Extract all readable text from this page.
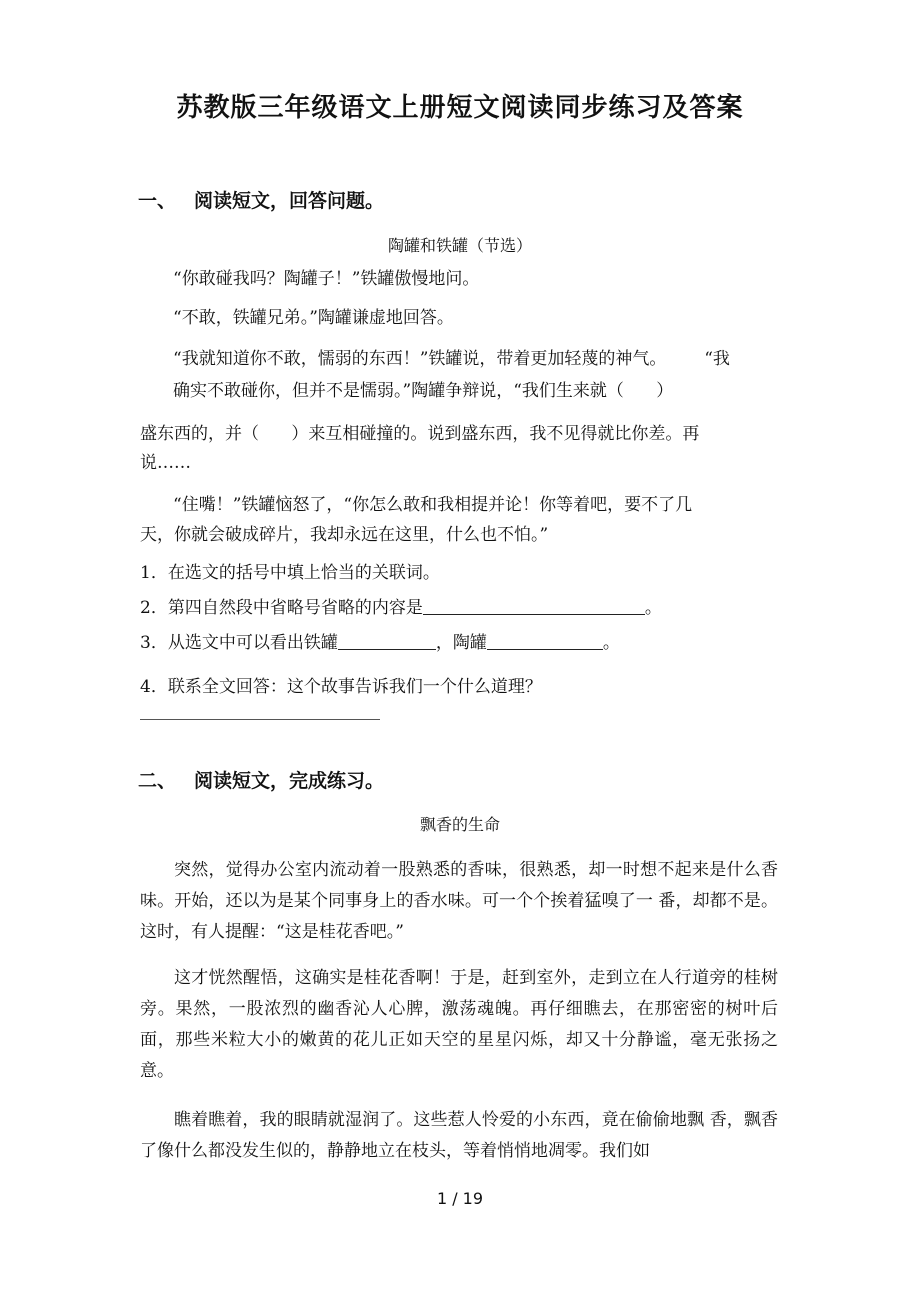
苏教版三年级语文上册短文阅读同步练习及答案
一、 阅读短文，回答问题。
陶罐和铁罐（节选）
“你敢碰我吗？陶罐子！”铁罐傲慢地问。
“不敢，铁罐兄弟。”陶罐谦虚地回答。
“我就知道你不敢，懦弱的东西！”铁罐说，带着更加轻蔑的神气。       “我
确实不敢碰你，但并不是懦弱。”陶罐争辩说，“我们生来就（      ）
盛东西的，并（      ）来互相碰撞的。说到盛东西，我不见得就比你差。再
说……
“住嘴！”铁罐恼怒了，“你怎么敢和我相提并论！你等着吧，要不了几
天，你就会破成碎片，我却永远在这里，什么也不怕。”
1．在选文的括号中填上恰当的关联词。
2．第四自然段中省略号省略的内容是	。
3．从选文中可以看出铁罐	，陶罐	。
4．联系全文回答：这个故事告诉我们一个什么道理？
二、 阅读短文，完成练习。
飘香的生命
突然，觉得办公室内流动着一股熟悉的香味，很熟悉，却一时想不起来是什么香味。开始，还以为是某个同事身上的香水味。可一个个挨着猛嗅了一 番，却都不是。这时，有人提醒：“这是桂花香吧。”
这才恍然醒悟，这确实是桂花香啊！于是，赶到室外，走到立在人行道旁的桂树旁。果然，一股浓烈的幽香沁人心脾，激荡魂魄。再仔细瞧去，在那密密的树叶后面，那些米粒大小的嫩黄的花儿正如天空的星星闪烁，却又十分静谧，毫无张扬之意。
瞧着瞧着，我的眼睛就湿润了。这些惹人怜爱的小东西，竟在偷偷地飘 香，飘香了像什么都没发生似的，静静地立在枝头，等着悄悄地凋零。我们如
1 / 19
